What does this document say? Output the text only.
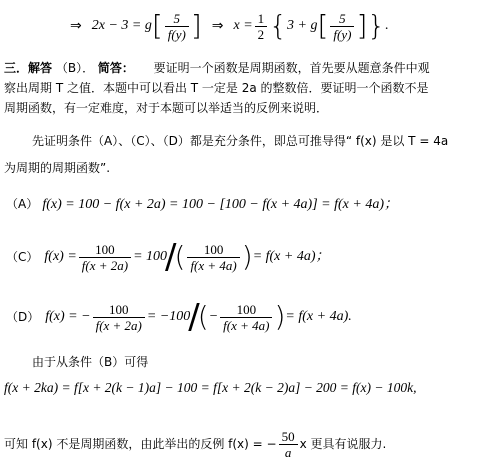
⇒ 2x − 3 = g [ $\frac{5}{f(y)}$ ] ⇒ $x = \frac{1}{2}$ { 3 + g [ $\frac{5}{f(y)}$ ] } .
三．解答 （B）． 简答： 要证明一个函数是周期函数，首先要从题意条件中观
察出周期 T 之值．本题中可以看出 T 一定是 2a 的整数倍．要证明一个函数不是
周期函数，有一定难度，对于本题可以举适当的反例来说明．
先证明条件（A）、（C）、（D）都是充分条件，即总可推导得“ f(x) 是以 T = 4a
为周期的周期函数”.
（A） f(x) = 100 − f(x + 2a) = 100 − [100 − f(x + 4a)] = f(x + 4a)；
（C） $f(x) = \frac{100}{f(x + 2a)} = 100$
/
( $\frac{100}{f(x + 4a)}$ ) = f(x + 4a)；
（D） f(x) = − $\frac{100}{f(x + 2a)} = -100$
/
( − $\frac{100}{f(x + 4a)}$ ) = f(x + 4a).
由于从条件（B）可得
f(x + 2ka) = f[x + 2(k − 1)a] − 100 = f[x + 2(k − 2)a] − 200 = f(x) − 100k,
可知 f(x) 不是周期函数，由此举出的反例 f(x) = − $\frac{50}{a}$ x 更具有说服力.
